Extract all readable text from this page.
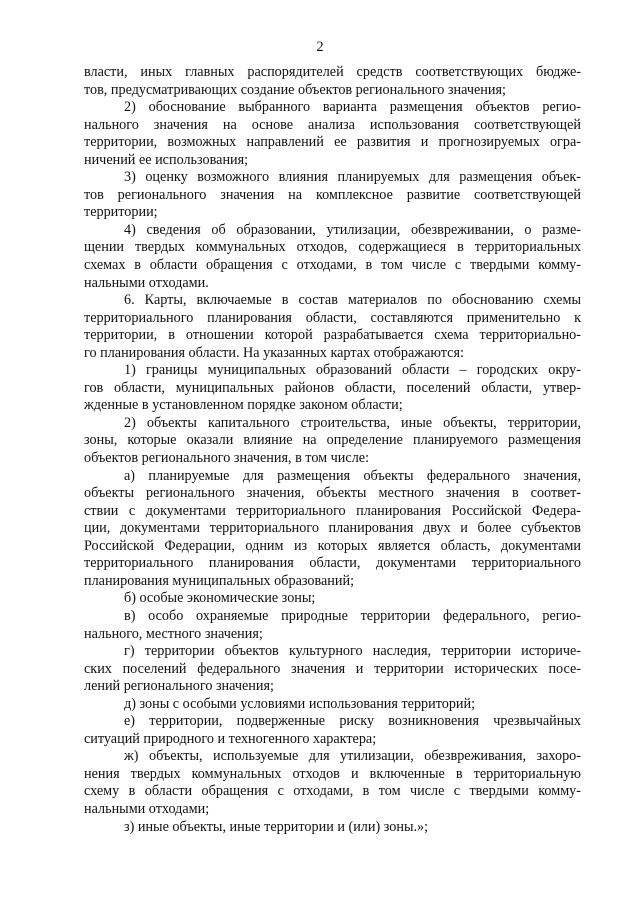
2
власти, иных главных распорядителей средств соответствующих бюдже-
тов, предусматривающих создание объектов регионального значения;
2) обоснование выбранного варианта размещения объектов регио-
нального значения на основе анализа использования соответствующей
территории, возможных направлений ее развития и прогнозируемых огра-
ничений ее использования;
3) оценку возможного влияния планируемых для размещения объек-
тов регионального значения на комплексное развитие соответствующей
территории;
4) сведения об образовании, утилизации, обезвреживании, о разме-
щении твердых коммунальных отходов, содержащиеся в территориальных
схемах в области обращения с отходами, в том числе с твердыми комму-
нальными отходами.
6. Карты, включаемые в состав материалов по обоснованию схемы
территориального планирования области, составляются применительно к
территории, в отношении которой разрабатывается схема территориально-
го планирования области. На указанных картах отображаются:
1) границы муниципальных образований области – городских окру-
гов области, муниципальных районов области, поселений области, утвер-
жденные в установленном порядке законом области;
2) объекты капитального строительства, иные объекты, территории,
зоны, которые оказали влияние на определение планируемого размещения
объектов регионального значения, в том числе:
а) планируемые для размещения объекты федерального значения,
объекты регионального значения, объекты местного значения в соответ-
ствии с документами территориального планирования Российской Федера-
ции, документами территориального планирования двух и более субъектов
Российской Федерации, одним из которых является область, документами
территориального планирования области, документами территориального
планирования муниципальных образований;
б) особые экономические зоны;
в) особо охраняемые природные территории федерального, регио-
нального, местного значения;
г) территории объектов культурного наследия, территории историче-
ских поселений федерального значения и территории исторических посе-
лений регионального значения;
д) зоны с особыми условиями использования территорий;
е) территории, подверженные риску возникновения чрезвычайных
ситуаций природного и техногенного характера;
ж) объекты, используемые для утилизации, обезвреживания, захоро-
нения твердых коммунальных отходов и включенные в территориальную
схему в области обращения с отходами, в том числе с твердыми комму-
нальными отходами;
з) иные объекты, иные территории и (или) зоны.»;
